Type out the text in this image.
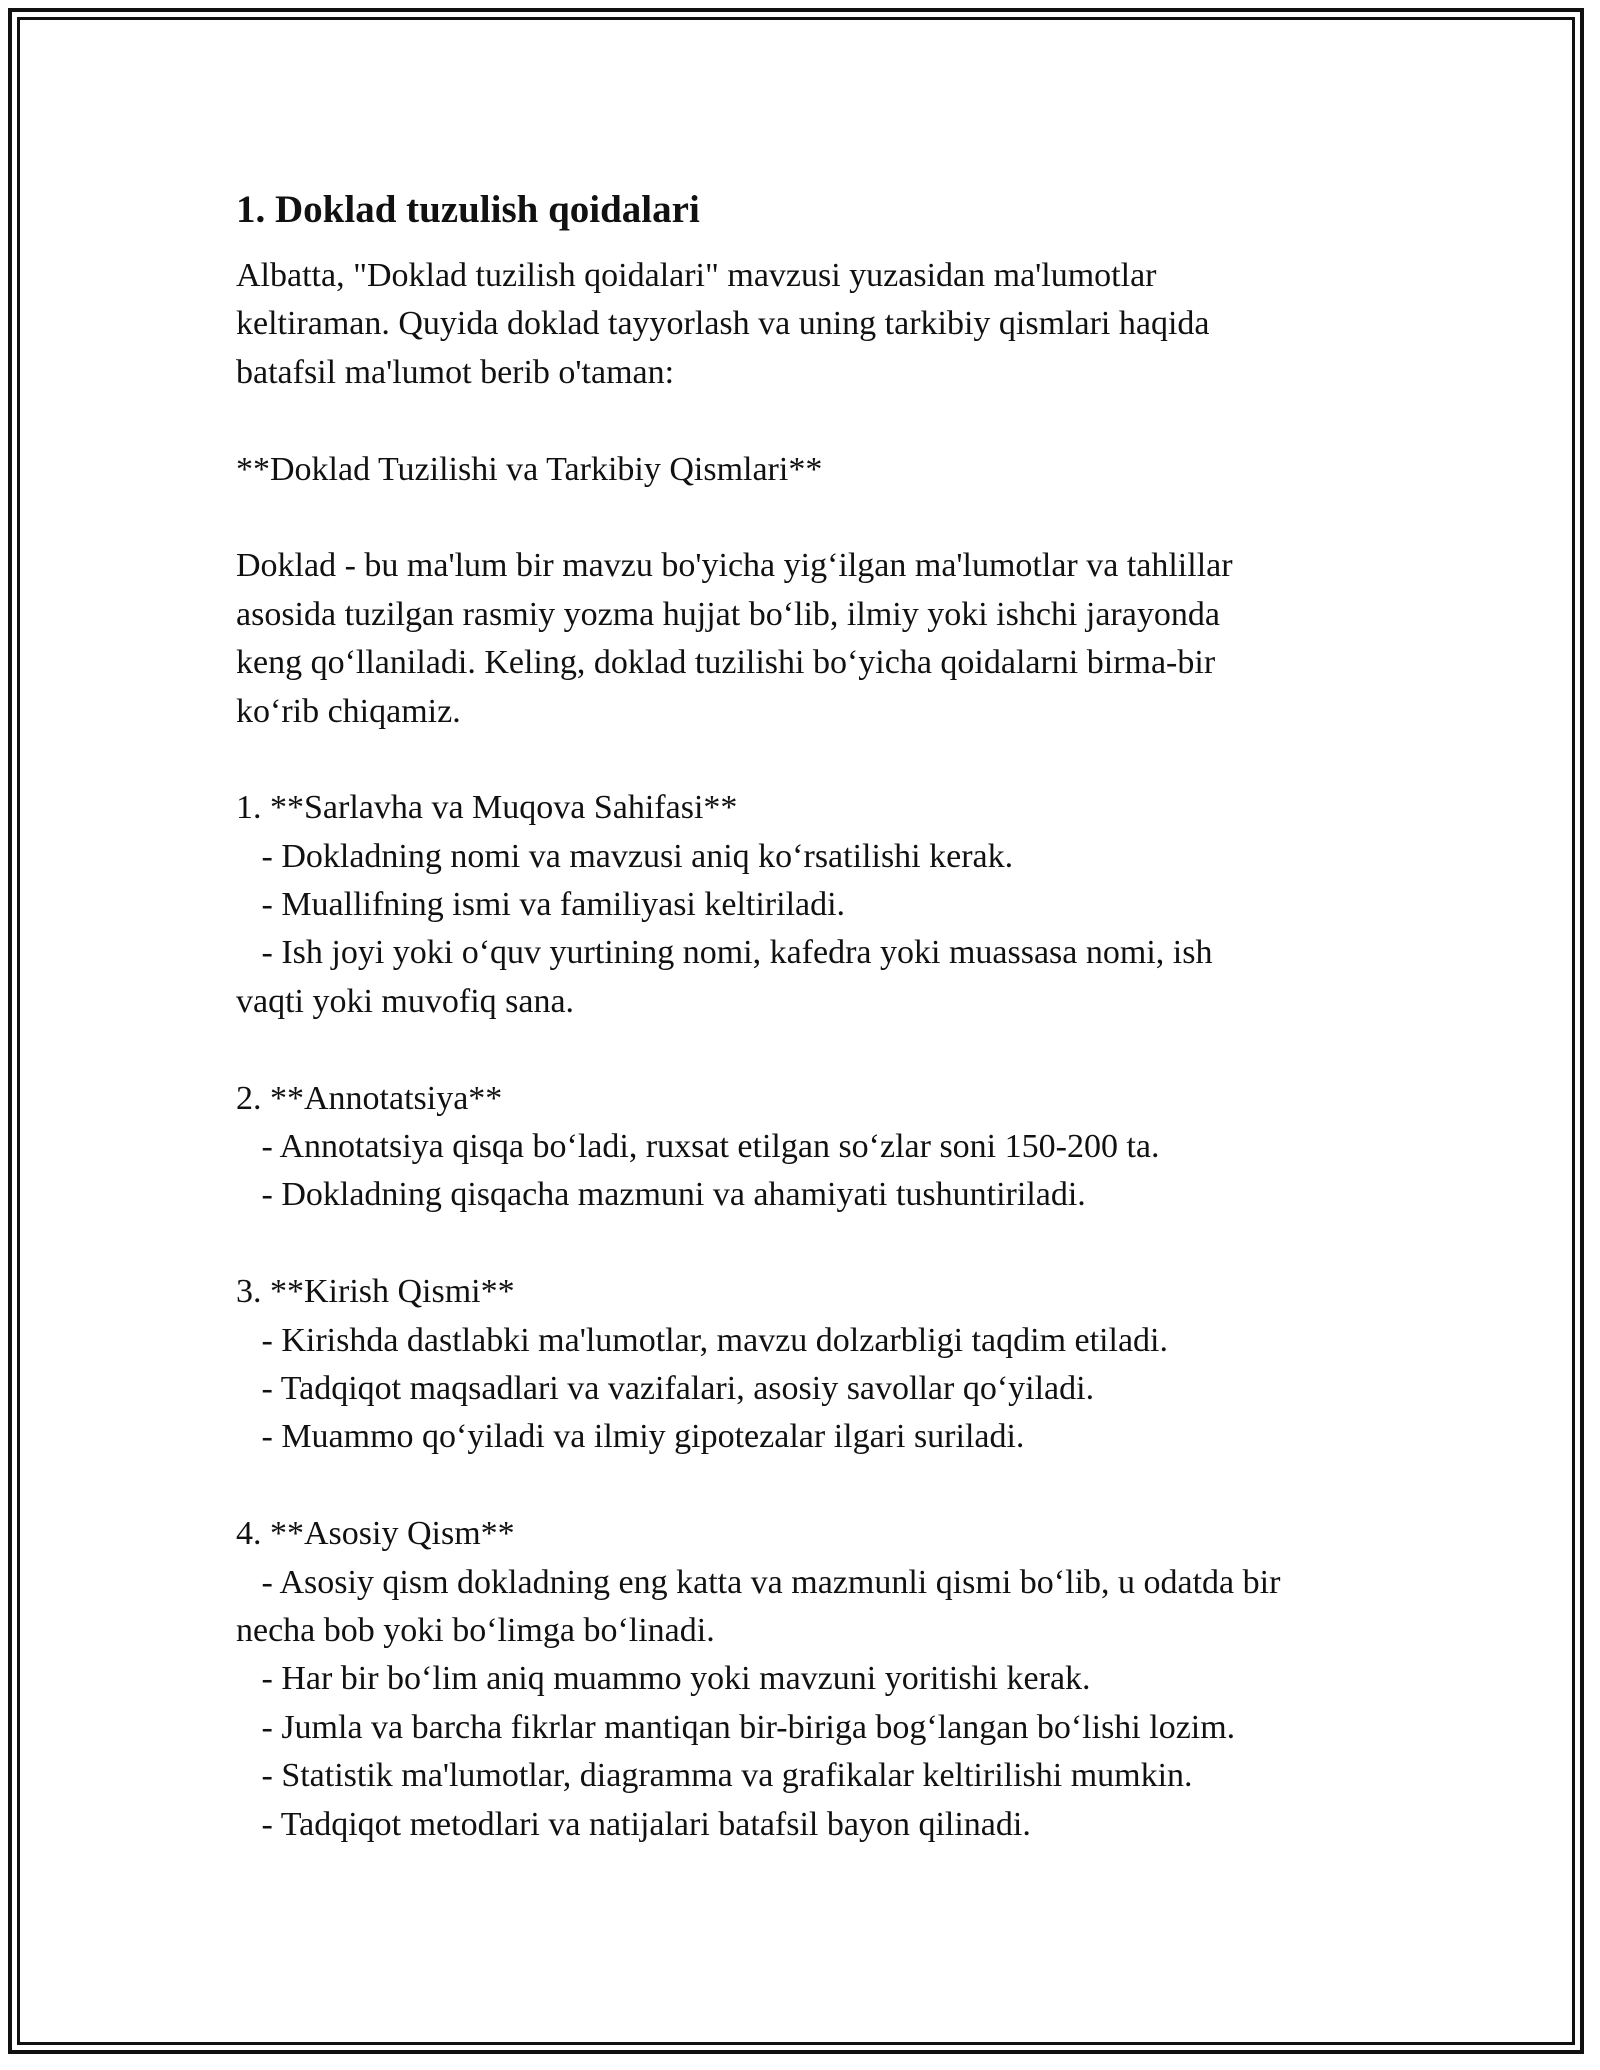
1. Doklad tuzulish qoidalari
Albatta, "Doklad tuzilish qoidalari" mavzusi yuzasidan ma'lumotlar
keltiraman. Quyida doklad tayyorlash va uning tarkibiy qismlari haqida
batafsil ma'lumot berib o'taman:
**Doklad Tuzilishi va Tarkibiy Qismlari**
Doklad - bu ma'lum bir mavzu bo'yicha yig‘ilgan ma'lumotlar va tahlillar
asosida tuzilgan rasmiy yozma hujjat bo‘lib, ilmiy yoki ishchi jarayonda
keng qo‘llaniladi. Keling, doklad tuzilishi bo‘yicha qoidalarni birma-bir
ko‘rib chiqamiz.
1. **Sarlavha va Muqova Sahifasi**
- Dokladning nomi va mavzusi aniq ko‘rsatilishi kerak.
- Muallifning ismi va familiyasi keltiriladi.
- Ish joyi yoki o‘quv yurtining nomi, kafedra yoki muassasa nomi, ish
vaqti yoki muvofiq sana.
2. **Annotatsiya**
- Annotatsiya qisqa bo‘ladi, ruxsat etilgan so‘zlar soni 150-200 ta.
- Dokladning qisqacha mazmuni va ahamiyati tushuntiriladi.
3. **Kirish Qismi**
- Kirishda dastlabki ma'lumotlar, mavzu dolzarbligi taqdim etiladi.
- Tadqiqot maqsadlari va vazifalari, asosiy savollar qo‘yiladi.
- Muammo qo‘yiladi va ilmiy gipotezalar ilgari suriladi.
4. **Asosiy Qism**
- Asosiy qism dokladning eng katta va mazmunli qismi bo‘lib, u odatda bir
necha bob yoki bo‘limga bo‘linadi.
- Har bir bo‘lim aniq muammo yoki mavzuni yoritishi kerak.
- Jumla va barcha fikrlar mantiqan bir-biriga bog‘langan bo‘lishi lozim.
- Statistik ma'lumotlar, diagramma va grafikalar keltirilishi mumkin.
- Tadqiqot metodlari va natijalari batafsil bayon qilinadi.
